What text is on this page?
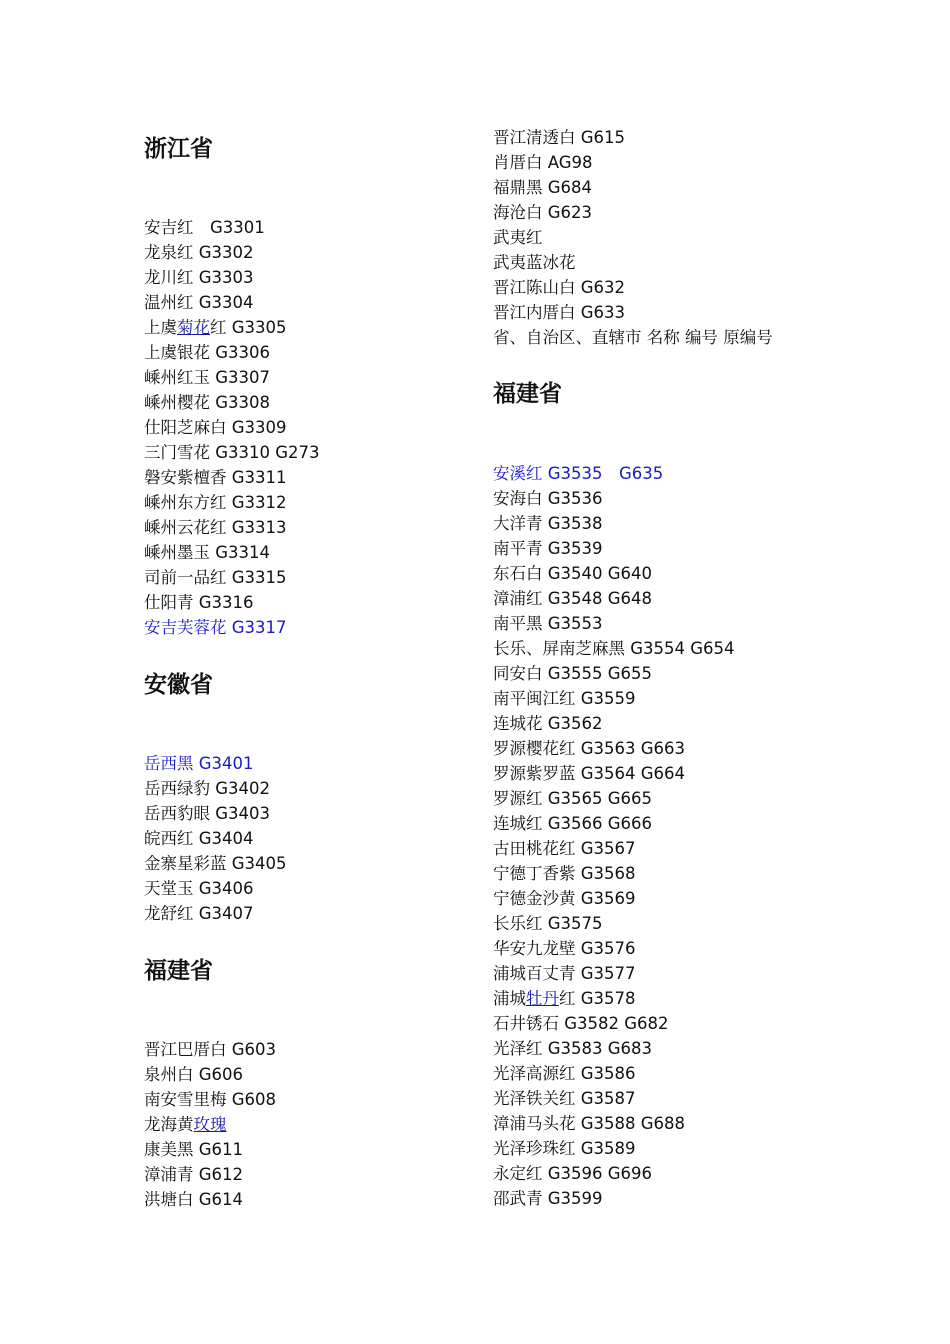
浙江省
安吉红　G3301
龙泉红 G3302
龙川红 G3303
温州红 G3304
上虞菊花红 G3305
上虞银花 G3306
嵊州红玉 G3307
嵊州樱花 G3308
仕阳芝麻白 G3309
三门雪花 G3310 G273
磐安紫檀香 G3311
嵊州东方红 G3312
嵊州云花红 G3313
嵊州墨玉 G3314
司前一品红 G3315
仕阳青 G3316
安吉芙蓉花 G3317
安徽省
岳西黑 G3401
岳西绿豹 G3402
岳西豹眼 G3403
皖西红 G3404
金寨星彩蓝 G3405
天堂玉 G3406
龙舒红 G3407
福建省
晋江巴厝白 G603
泉州白 G606
南安雪里梅 G608
龙海黄玫瑰
康美黑 G611
漳浦青 G612
洪塘白 G614
晋江清透白 G615
肖厝白 AG98
福鼎黑 G684
海沧白 G623
武夷红
武夷蓝冰花
晋江陈山白 G632
晋江内厝白 G633
省、自治区、直辖市 名称 编号 原编号
福建省
安溪红 G3535　G635
安海白 G3536
大洋青 G3538
南平青 G3539
东石白 G3540 G640
漳浦红 G3548 G648
南平黑 G3553
长乐、屏南芝麻黑 G3554 G654
同安白 G3555 G655
南平闽江红 G3559
连城花 G3562
罗源樱花红 G3563 G663
罗源紫罗蓝 G3564 G664
罗源红 G3565 G665
连城红 G3566 G666
古田桃花红 G3567
宁德丁香紫 G3568
宁德金沙黄 G3569
长乐红 G3575
华安九龙壁 G3576
浦城百丈青 G3577
浦城牡丹红 G3578
石井锈石 G3582 G682
光泽红 G3583 G683
光泽高源红 G3586
光泽铁关红 G3587
漳浦马头花 G3588 G688
光泽珍珠红 G3589
永定红 G3596 G696
邵武青 G3599
